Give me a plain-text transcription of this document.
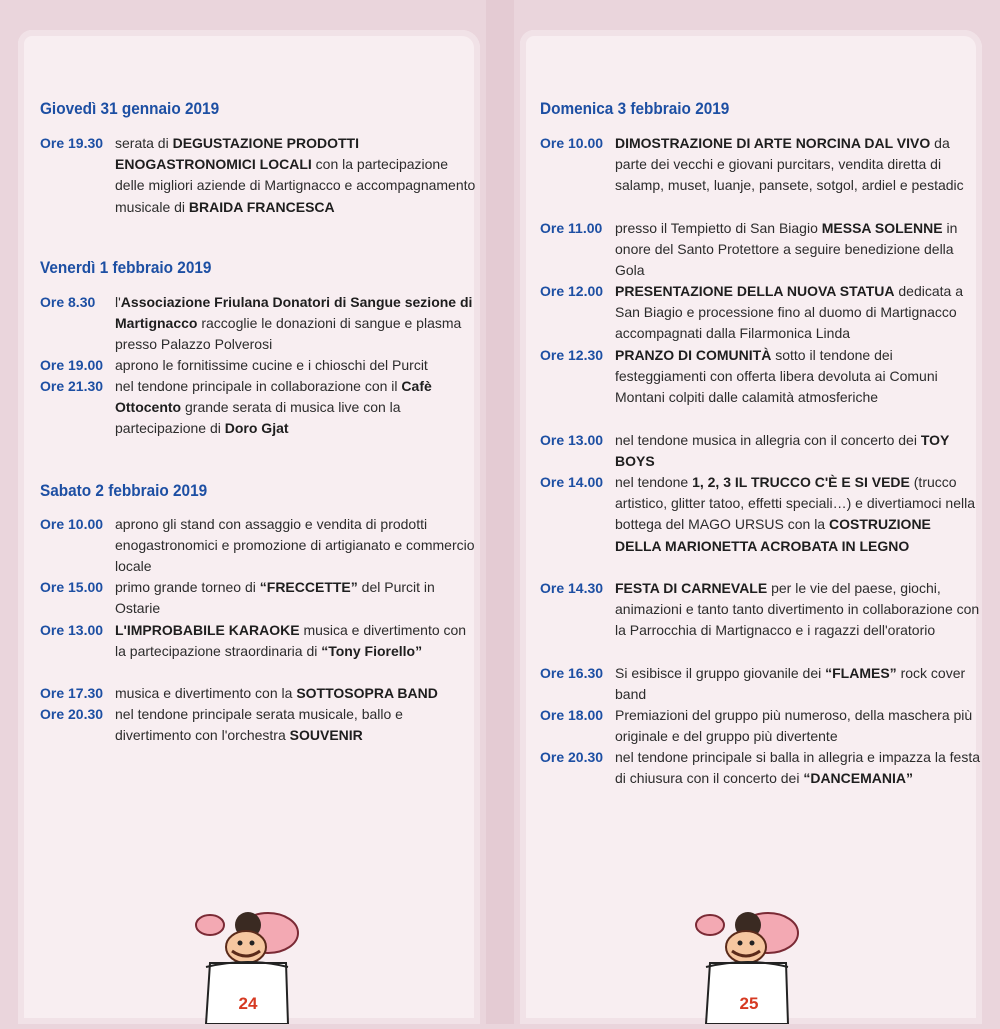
Giovedì 31 gennaio 2019
Ore 19.30 serata di DEGUSTAZIONE PRODOTTI ENOGASTRONOMICI LOCALI con la partecipazione delle migliori aziende di Martignacco e accompagnamento musicale di BRAIDA FRANCESCA
Venerdì 1 febbraio 2019
Ore 8.30 l'Associazione Friulana Donatori di Sangue sezione di Martignacco raccoglie le donazioni di sangue e plasma presso Palazzo Polverosi
Ore 19.00 aprono le fornitissime cucine e i chioschi del Purcit
Ore 21.30 nel tendone principale in collaborazione con il Cafè Ottocento grande serata di musica live con la partecipazione di Doro Gjat
Sabato 2 febbraio 2019
Ore 10.00 aprono gli stand con assaggio e vendita di prodotti enogastronomici e promozione di artigianato e commercio locale
Ore 15.00 primo grande torneo di “FRECCETTE” del Purcit in Ostarie
Ore 13.00 L'IMPROBABILE KARAOKE musica e divertimento con la partecipazione straordinaria di “Tony Fiorello”
Ore 17.30 musica e divertimento con la SOTTOSOPRA BAND
Ore 20.30 nel tendone principale serata musicale, ballo e divertimento con l'orchestra SOUVENIR
Domenica 3 febbraio 2019
Ore 10.00 DIMOSTRAZIONE DI ARTE NORCINA DAL VIVO da parte dei vecchi e giovani purcitars, vendita diretta di salamp, muset, luanje, pansete, sotgol, ardiel e pestadic
Ore 11.00 presso il Tempietto di San Biagio MESSA SOLENNE in onore del Santo Protettore a seguire benedizione della Gola
Ore 12.00 PRESENTAZIONE DELLA NUOVA STATUA dedicata a San Biagio e processione fino al duomo di Martignacco accompagnati dalla Filarmonica Linda
Ore 12.30 PRANZO DI COMUNITÀ sotto il tendone dei festeggiamenti con offerta libera devoluta ai Comuni Montani colpiti dalle calamità atmosferiche
Ore 13.00 nel tendone musica in allegria con il concerto dei TOY BOYS
Ore 14.00 nel tendone 1, 2, 3 IL TRUCCO C'È E SI VEDE (trucco artistico, glitter tatoo, effetti speciali…) e divertiamoci nella bottega del MAGO URSUS con la COSTRUZIONE DELLA MARIONETTA ACROBATA IN LEGNO
Ore 14.30 FESTA DI CARNEVALE per le vie del paese, giochi, animazioni e tanto tanto divertimento in collaborazione con la Parrocchia di Martignacco e i ragazzi dell'oratorio
Ore 16.30 Si esibisce il gruppo giovanile dei “FLAMES” rock cover band
Ore 18.00 Premiazioni del gruppo più numeroso, della maschera più originale e del gruppo più divertente
Ore 20.30 nel tendone principale si balla in allegria e impazza la festa di chiusura con il concerto dei “DANCEMANIA”
24	25
